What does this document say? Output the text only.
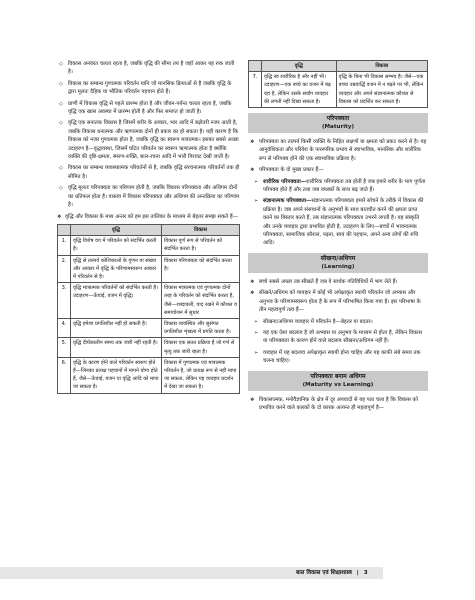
◇ विकास अनवरत चलता रहता है, जबकि वृद्धि की सीमा तय है जहाँ आकर यह रुक जाती है।
◇ विकास का सम्बन्ध गुणात्मक परिवर्तन यानि जो मानसिक क्रियाओं से है जबकि वृद्धि के द्वारा मूलतः दैहिक या भौतिक परिवर्तन पहचान होते हैं।
◇ प्राणी में विकास वृद्धि से पहले प्रारम्भ होता है और जीवन-पर्यन्त चलता रहता है, जबकि वृद्धि एक खास अवस्था में प्रारम्भ होती है और फिर समाप्त हो जाती है।
◇ वृद्धि एक सनातक विकास है जिसमें शरीर के आकार, भार आदि में बढ़ोतरी नजर आती है, जबकि विकास धनात्मक और ऋणात्मक दोनों ही प्रकार का हो सकता है। यही कारण है कि विकास को नज़र गुणात्मक होता है, जबकि वृद्धि का स्वरूप मात्रात्मक। इसका सबसे अच्छा उदाहरण है—वृद्धावस्था, जिसमें घटित परिवर्तन का स्वरूप ऋणात्मक होता है क्योंकि व्यक्ति की दृष्टि-क्षमता, स्मरण-शक्ति, बाल-रचना आदि में भारी गिरावट देखी जाती है।
◇ विकास का सम्बन्ध व्यवस्थात्मक परिवर्तनों से है, जबकि वृद्धि संरचनात्मक परिवर्तनों तक ही सीमित है।
◇ वृद्धि मूलतः परिपक्वता का परिणाम होती है, जबकि विकास परिपक्वता और अधिगम दोनों का प्रतिफल होता है। वास्तव में विकास परिपक्वता और अधिगम की अन्तक्रिया का परिणाम है।
❖ वृद्धि और विकास के मध्य अन्तर को हम इस तालिका के माध्यम से बेहतर समझ सकते हैं—
	वृद्धि	विकास
1.	वृद्धि विशेष वय में परिवर्तन को संदर्भित करती है।	विकास पूर्ण रूप से परिवर्तन को संदर्भित करता है।
2.	वृद्धि से तात्पर्य कोशिकाओं के गुणन या संख्या और आकार में वृद्धि के परिणामस्वरूप आकार में परिवर्तन से है।	विकास परिपक्वता को संदर्भित करता है।
3.	वृद्धि मात्रात्मक परिवर्तनों को संदर्भित करती है। उदाहरण—ऊँचाई, वजन में वृद्धि।	विकास मात्रात्मक एवं गुणात्मक दोनों तरह के परिवर्तन को संदर्भित करता है, जैसे—शब्दावली, याद रखने में कौशल व समायोजन में सुधार
4.	वृद्धि हमेशा प्रगतिशील नहीं हो सकती है।	विकास व्यवस्थित और सुसंगत प्रगतिशील शृंखला में प्रगति करता है।
5.	वृद्धि दीर्घकालीन समय तक जारी नहीं रहती है।	विकास एक सतत प्रक्रिया है जो गर्भ से मृत्यु तक जारी रहता है।
6.	वृद्धि के कारण होने वाले परिवर्तन स्वरूप होते हैं—जिनका प्रत्यक्ष पहचानों में मापने योग्य होते हैं, जैसे—ऊँचाई, वजन या वृद्धि आदि को मापा जा सकता है।	विकास में गुणात्मक एवं मात्रात्मक परिवर्तन है, जो प्रत्यक्ष रूप से नहीं मापा जा सकता, लेकिन यह व्यवहार प्रदर्शन में देखा जा सकता है।
	वृद्धि	विकास
7.	वृद्धि स्व शारीरिक है और नहीं भी। उदाहरण—एक बच्चे का वजन में बढ़ रहा है, लेकिन उसके सर्वांग व्यवहार की लगती नहीं दिखा सकता है।	वृद्धि के बिना भी विकास सम्भव है। जैसे—एक बच्चा उम्रवार्द्धि वजन में न बढ़ने पर भी, लेकिन व्यवहार और अपने संज्ञानात्मक कौशल से विकास को प्रदर्शित कर सकता है।
परिपक्वता
(Maturity)
❖ परिपक्वता का तात्पर्य किसी व्यक्ति के निहित लक्षणों या क्षमता को प्रकट करने से है। यह आनुवंशिकता और परिवेश के पारस्परिक प्रभाव से स्वाभाविक, मानसिक और शारीरिक रूप से परिपक्व होने की एक स्वाभाविक प्रक्रिया है।
❖ परिपक्वता के दो मुख्य प्रकार हैं—
➢ शारीरिक परिपक्वता—शारीरिक परिपक्वता तब होती है जब हमारे शरीर के भाग पूर्णता परिपक्व होते हैं और तथा जब वयस्कों के साथ बढ़ जाते हैं।
➢ संज्ञानात्मक परिपक्वता—संज्ञानात्मक परिपक्वता हमारे सोचने के तरीके में विकास की प्रक्रिया है। जब अपने संसाधनों के अनुभवों के साथ बातचीत करने की क्षमता प्राप्त करने का विस्तार करते हैं, तब संज्ञानात्मक परिपक्वता उभरने लगती है। यह संस्कृति और उनके व्यवहार द्वारा प्रभावित होती है, उदाहरण के लिए—बच्चों में भावनात्मक परिपक्वता, सामाजिक कौशल, पढ़ना, स्वयं की पहचान, अपने अन्य लोगों की रुचि आदि।
सीखना/अधिगम
(Learning)
❖ बच्चे सबसे अच्छा तब सीखते हैं जब वे सार्थक गतिविधियों में भाग लेते हैं।
❖ सीखने/अधिगम को व्यवहार में कोई भी अपेक्षाकृत स्थायी परिवर्तन जो अभ्यास और अनुभव के परिणामस्वरूप होता है के रूप में परिभाषित किया गया है। इस परिभाषा के तीन महत्वपूर्ण तत्व हैं—
➢ सीखना/अधिगम व्यवहार में परिवर्तन है—बेहतर या बदतर।
➢ यह एक ऐसा बदलाव है जो अभ्यास या अनुभव के माध्यम से होता है, लेकिन विकास या परिपक्वता के कारण होने वाले बदलाव सीखना/अधिगम नहीं हैं।
➢ व्यवहार में यह बदलाव अपेक्षाकृत स्थायी होना चाहिए और यह काफी लंबे समय तक चलना चाहिए।
परिपक्वता बनाम अधिगम
(Maturity vs Learning)
❖ विकासात्मक, मनोवैज्ञानिक के क्षेत्र में दूर अपवादों से यह पता चला है कि विकास को प्रभावित करने वाले कारकों के दो कारक अत्यन्त ही महत्वपूर्ण है—
बाल विकास एवं शिक्षाशास्त्र | 3
